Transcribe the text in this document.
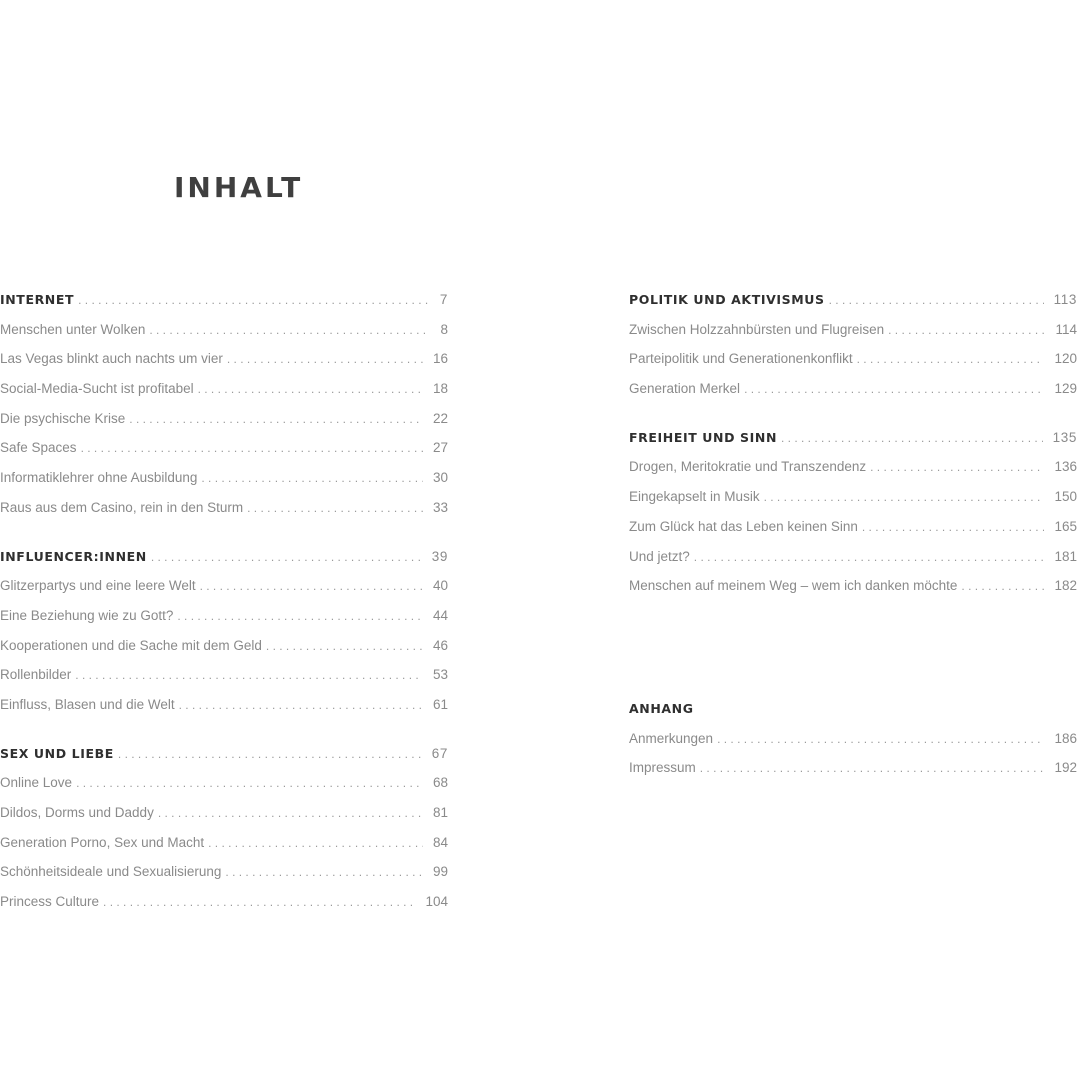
INHALT
INTERNET . . .	7
Menschen unter Wolken . . .	8
Las Vegas blinkt auch nachts um vier . . .	16
Social-Media-Sucht ist profitabel . . .	18
Die psychische Krise . . .	22
Safe Spaces . . .	27
Informatiklehrer ohne Ausbildung . . .	30
Raus aus dem Casino, rein in den Sturm . . .	33
INFLUENCER:INNEN . . .	39
Glitzerpartys und eine leere Welt . . .	40
Eine Beziehung wie zu Gott? . . .	44
Kooperationen und die Sache mit dem Geld . . .	46
Rollenbilder . . .	53
Einfluss, Blasen und die Welt . . .	61
SEX UND LIEBE . . .	67
Online Love . . .	68
Dildos, Dorms und Daddy . . .	81
Generation Porno, Sex und Macht . . .	84
Schönheitsideale und Sexualisierung . . .	99
Princess Culture . . .	104
POLITIK UND AKTIVISMUS . . .	113
Zwischen Holzzahnbürsten und Flugreisen . . .	114
Parteipolitik und Generationenkonflikt . . .	120
Generation Merkel . . .	129
FREIHEIT UND SINN . . .	135
Drogen, Meritokratie und Transzendenz . . .	136
Eingekapselt in Musik . . .	150
Zum Glück hat das Leben keinen Sinn . . .	165
Und jetzt? . . .	181
Menschen auf meinem Weg – wem ich danken möchte . . .	182
ANHANG
Anmerkungen . . .	186
Impressum . . .	192
